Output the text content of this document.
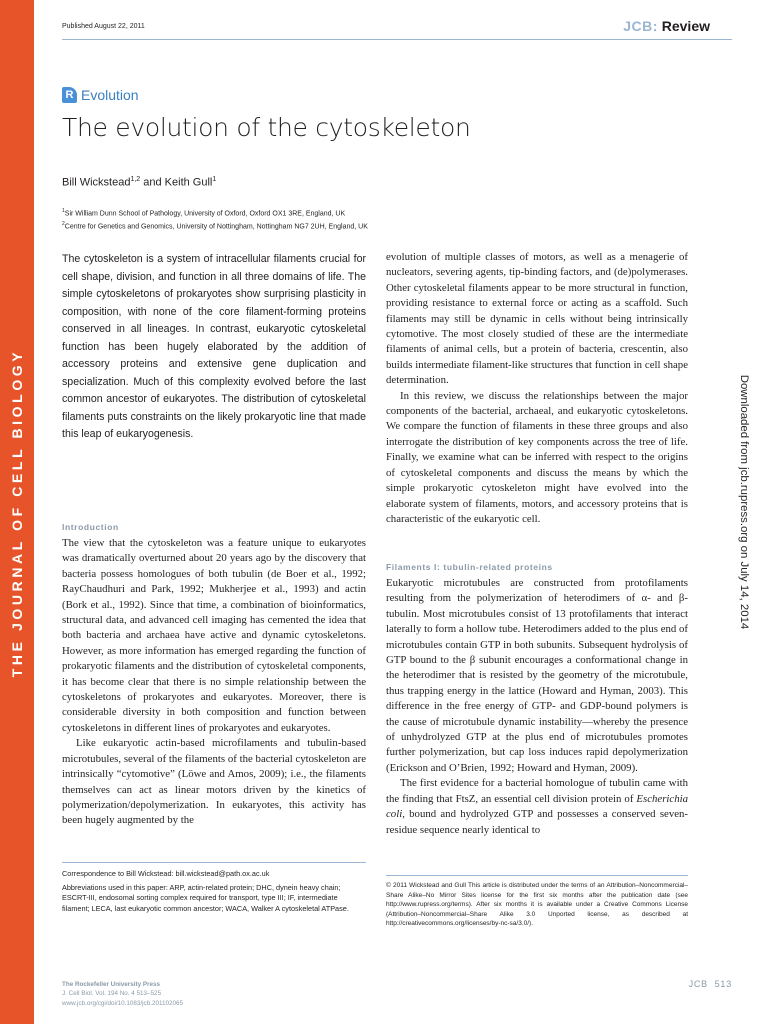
THE JOURNAL OF CELL BIOLOGY
Published August 22, 2011	JCB: Review
R Evolution
The evolution of the cytoskeleton
Bill Wickstead$^{1,2}$ and Keith Gull$^1$
$^1$Sir William Dunn School of Pathology, University of Oxford, Oxford OX1 3RE, England, UK
$^2$Centre for Genetics and Genomics, University of Nottingham, Nottingham NG7 2UH, England, UK

The cytoskeleton is a system of intracellular filaments crucial for cell shape, division, and function in all three domains of life. The simple cytoskeletons of prokaryotes show surprising plasticity in composition, with none of the core filament-forming proteins conserved in all lineages. In contrast, eukaryotic cytoskeletal function has been hugely elaborated by the addition of accessory proteins and extensive gene duplication and specialization. Much of this complexity evolved before the last common ancestor of eukaryotes. The distribution of cytoskeletal filaments puts constraints on the likely prokaryotic line that made this leap of eukaryogenesis.

Introduction

The view that the cytoskeleton was a feature unique to eukaryotes was dramatically overturned about 20 years ago by the discovery that bacteria possess homologues of both tubulin (de Boer et al., 1992; RayChaudhuri and Park, 1992; Mukherjee et al., 1993) and actin (Bork et al., 1992). Since that time, a combination of bioinformatics, structural data, and advanced cell imaging has cemented the idea that both bacteria and archaea have active and dynamic cytoskeletons. However, as more information has emerged regarding the function of prokaryotic filaments and the distribution of cytoskeletal components, it has become clear that there is no simple relationship between the cytoskeletons of prokaryotes and eukaryotes. Moreover, there is considerable diversity in both composition and function between cytoskeletons in different lines of prokaryotes and eukaryotes.

Like eukaryotic actin-based microfilaments and tubulin-based microtubules, several of the filaments of the bacterial cytoskeleton are intrinsically “cytomotive” (Löwe and Amos, 2009); i.e., the filaments themselves can act as linear motors driven by the kinetics of polymerization/depolymerization. In eukaryotes, this activity has been hugely augmented by the

evolution of multiple classes of motors, as well as a menagerie of nucleators, severing agents, tip-binding factors, and (de)polymerases. Other cytoskeletal filaments appear to be more structural in function, providing resistance to external force or acting as a scaffold. Such filaments may still be dynamic in cells without being intrinsically cytomotive. The most closely studied of these are the intermediate filaments of animal cells, but a protein of bacteria, crescentin, also builds intermediate filament-like structures that function in cell shape determination.

In this review, we discuss the relationships between the major components of the bacterial, archaeal, and eukaryotic cytoskeletons. We compare the function of filaments in these three groups and also interrogate the distribution of key components across the tree of life. Finally, we examine what can be inferred with respect to the origins of cytoskeletal components and discuss the means by which the simple prokaryotic cytoskeleton might have evolved into the elaborate system of filaments, motors, and accessory proteins that is characteristic of the eukaryotic cell.

Filaments I: tubulin-related proteins

Eukaryotic microtubules are constructed from protofilaments resulting from the polymerization of heterodimers of α- and β-tubulin. Most microtubules consist of 13 protofilaments that interact laterally to form a hollow tube. Heterodimers added to the plus end of microtubules contain GTP in both subunits. Subsequent hydrolysis of GTP bound to the β subunit encourages a conformational change in the heterodimer that is resisted by the geometry of the microtubule, thus trapping energy in the lattice (Howard and Hyman, 2003). This difference in the free energy of GTP- and GDP-bound polymers is the cause of microtubule dynamic instability—whereby the presence of unhydrolyzed GTP at the plus end of microtubules promotes further polymerization, but cap loss induces rapid depolymerization (Erickson and O’Brien, 1992; Howard and Hyman, 2009).

The first evidence for a bacterial homologue of tubulin came with the finding that FtsZ, an essential cell division protein of Escherichia coli, bound and hydrolyzed GTP and possesses a conserved seven-residue sequence nearly identical to

Correspondence to Bill Wickstead: bill.wickstead@path.ox.ac.uk
Abbreviations used in this paper: ARP, actin-related protein; DHC, dynein heavy chain; ESCRT-III, endosomal sorting complex required for transport, type III; IF, intermediate filament; LECA, last eukaryotic common ancestor; WACA, Walker A cytoskeletal ATPase.
© 2011 Wickstead and Gull This article is distributed under the terms of an Attribution–Noncommercial–Share Alike–No Mirror Sites license for the first six months after the publication date (see http://www.rupress.org/terms). After six months it is available under a Creative Commons License (Attribution–Noncommercial–Share Alike 3.0 Unported license, as described at http://creativecommons.org/licenses/by-nc-sa/3.0/).
The Rockefeller University Press
J. Cell Biol. Vol. 194 No. 4 513–525
www.jcb.org/cgi/doi/10.1083/jcb.201102065
JCB 513
Downloaded from jcb.rupress.org on July 14, 2014
